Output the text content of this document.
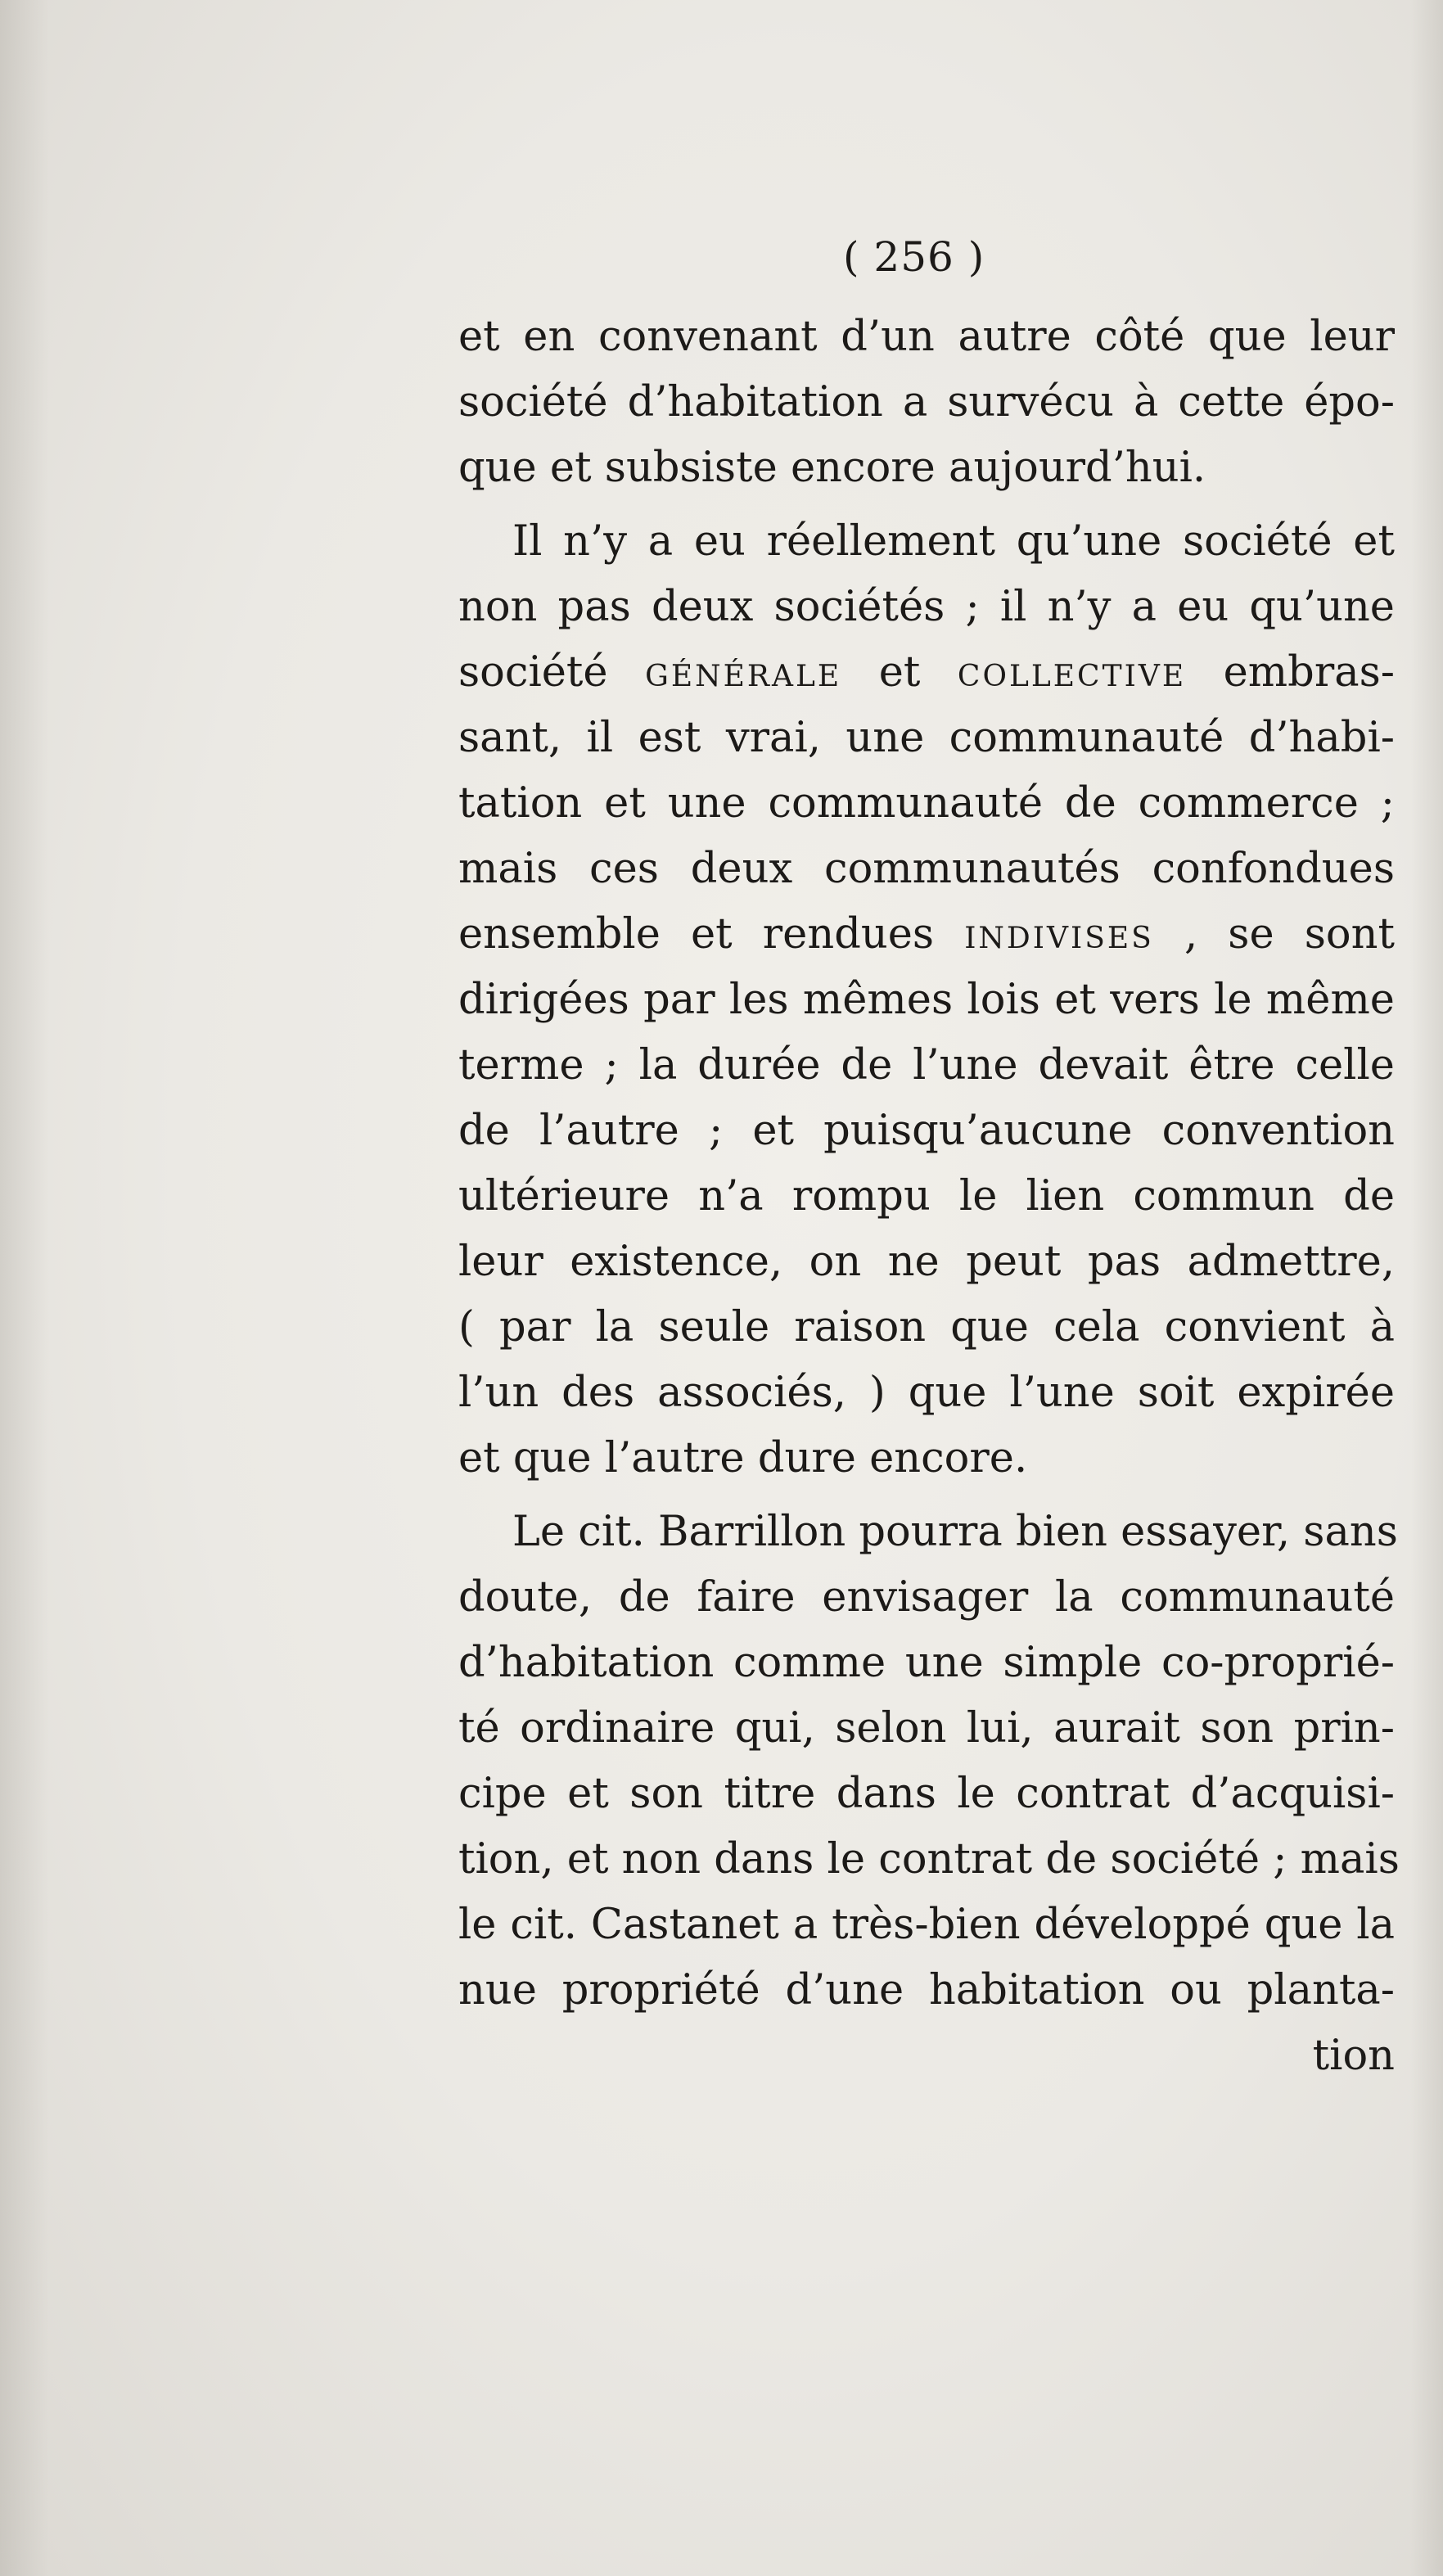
( 256 )
et en convenant d’un autre côté que leur
société d’habitation a survécu à cette épo-
que et subsiste encore aujourd’hui.
Il n’y a eu réellement qu’une société et
non pas deux sociétés ; il n’y a eu qu’une
société générale et collective embras-
sant, il est vrai, une communauté d’habi-
tation et une communauté de commerce ;
mais ces deux communautés confondues
ensemble et rendues indivises , se sont
dirigées par les mêmes lois et vers le même
terme ; la durée de l’une devait être celle
de l’autre ; et puisqu’aucune convention
ultérieure n’a rompu le lien commun de
leur existence, on ne peut pas admettre,
( par la seule raison que cela convient à
l’un des associés, ) que l’une soit expirée
et que l’autre dure encore.
Le cit. Barrillon pourra bien essayer, sans
doute, de faire envisager la communauté
d’habitation comme une simple co-proprié-
té ordinaire qui, selon lui, aurait son prin-
cipe et son titre dans le contrat d’acquisi-
tion, et non dans le contrat de société ; mais
le cit. Castanet a très-bien développé que la
nue propriété d’une habitation ou planta-
tion
